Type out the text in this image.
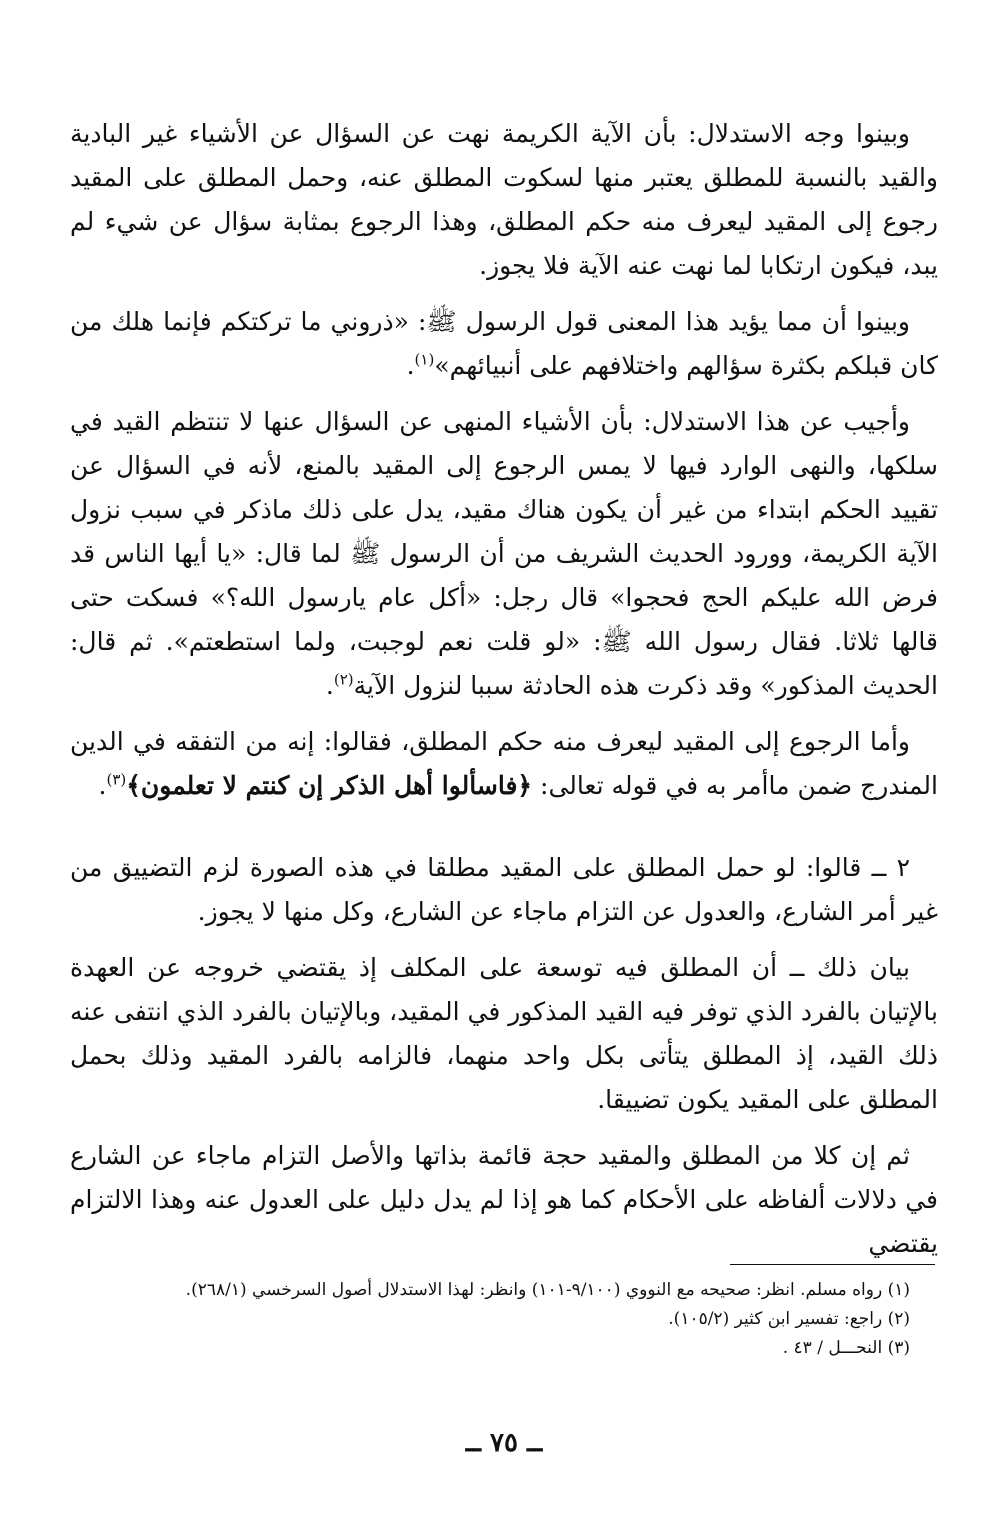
وبينوا وجه الاستدلال: بأن الآية الكريمة نهت عن السؤال عن الأشياء غير البادية والقيد بالنسبة للمطلق يعتبر منها لسكوت المطلق عنه، وحمل المطلق على المقيد رجوع إلى المقيد ليعرف منه حكم المطلق، وهذا الرجوع بمثابة سؤال عن شيء لم يبد، فيكون ارتكابا لما نهت عنه الآية فلا يجوز.

وبينوا أن مما يؤيد هذا المعنى قول الرسول ﷺ: «ذروني ما تركتكم فإنما هلك من كان قبلكم بكثرة سؤالهم واختلافهم على أنبيائهم»$^{(١)}$.

وأجيب عن هذا الاستدلال: بأن الأشياء المنهى عن السؤال عنها لا تنتظم القيد في سلكها، والنهى الوارد فيها لا يمس الرجوع إلى المقيد بالمنع، لأنه في السؤال عن تقييد الحكم ابتداء من غير أن يكون هناك مقيد، يدل على ذلك ماذكر في سبب نزول الآية الكريمة، وورود الحديث الشريف من أن الرسول ﷺ لما قال: «يا أيها الناس قد فرض الله عليكم الحج فحجوا» قال رجل: «أكل عام يارسول الله؟» فسكت حتى قالها ثلاثا. فقال رسول الله ﷺ: «لو قلت نعم لوجبت، ولما استطعتم». ثم قال: الحديث المذكور» وقد ذكرت هذه الحادثة سببا لنزول الآية$^{(٢)}$.

وأما الرجوع إلى المقيد ليعرف منه حكم المطلق، فقالوا: إنه من التفقه في الدين المندرج ضمن ماأمر به في قوله تعالى: ﴿فاسألوا أهل الذكر إن كنتم لا تعلمون﴾$^{(٣)}$.

٢ ــ قالوا: لو حمل المطلق على المقيد مطلقا في هذه الصورة لزم التضييق من غير أمر الشارع، والعدول عن التزام ماجاء عن الشارع، وكل منها لا يجوز.

بيان ذلك ــ أن المطلق فيه توسعة على المكلف إذ يقتضي خروجه عن العهدة بالإتيان بالفرد الذي توفر فيه القيد المذكور في المقيد، وبالإتيان بالفرد الذي انتفى عنه ذلك القيد، إذ المطلق يتأتى بكل واحد منهما، فالزامه بالفرد المقيد وذلك بحمل المطلق على المقيد يكون تضييقا.

ثم إن كلا من المطلق والمقيد حجة قائمة بذاتها والأصل التزام ماجاء عن الشارع في دلالات ألفاظه على الأحكام كما هو إذا لم يدل دليل على العدول عنه وهذا الالتزام يقتضي

(١) رواه مسلم. انظر: صحيحه مع النووي (٩/١٠٠-١٠١) وانظر: لهذا الاستدلال أصول السرخسي (٢٦٨/١).

(٢) راجع: تفسير ابن كثير (١٠٥/٢).

(٣) النحـــل / ٤٣ .

ــ ٧٥ ــ
